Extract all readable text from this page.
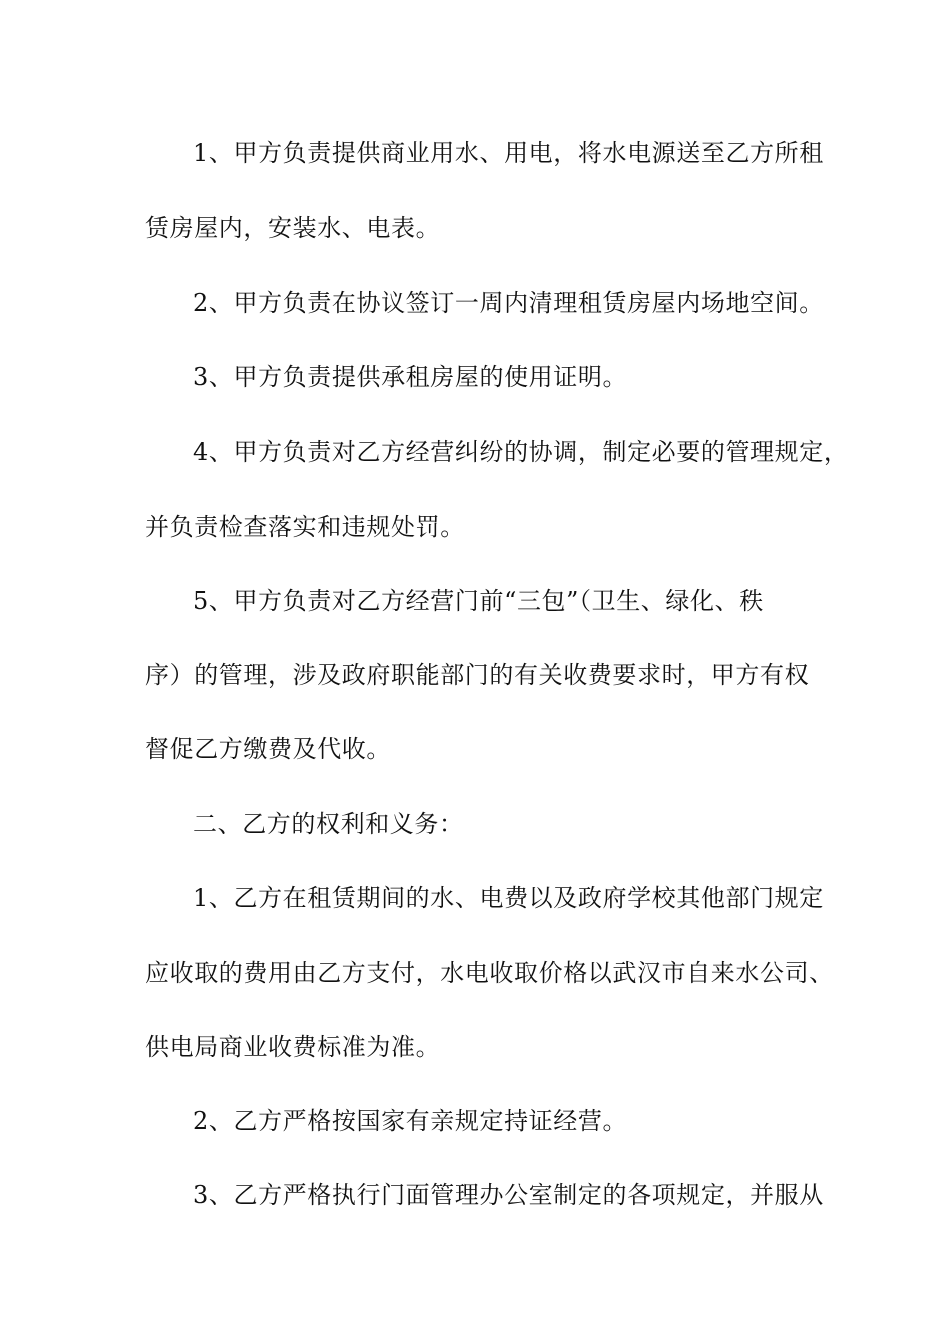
1、甲方负责提供商业用水、用电，将水电源送至乙方所租
赁房屋内，安装水、电表。
2、甲方负责在协议签订一周内清理租赁房屋内场地空间。
3、甲方负责提供承租房屋的使用证明。
4、甲方负责对乙方经营纠纷的协调，制定必要的管理规定，
并负责检查落实和违规处罚。
5、甲方负责对乙方经营门前“三包”（卫生、绿化、秩
序）的管理，涉及政府职能部门的有关收费要求时，甲方有权
督促乙方缴费及代收。
二、乙方的权利和义务：
1、乙方在租赁期间的水、电费以及政府学校其他部门规定
应收取的费用由乙方支付，水电收取价格以武汉市自来水公司、
供电局商业收费标准为准。
2、乙方严格按国家有亲规定持证经营。
3、乙方严格执行门面管理办公室制定的各项规定，并服从
